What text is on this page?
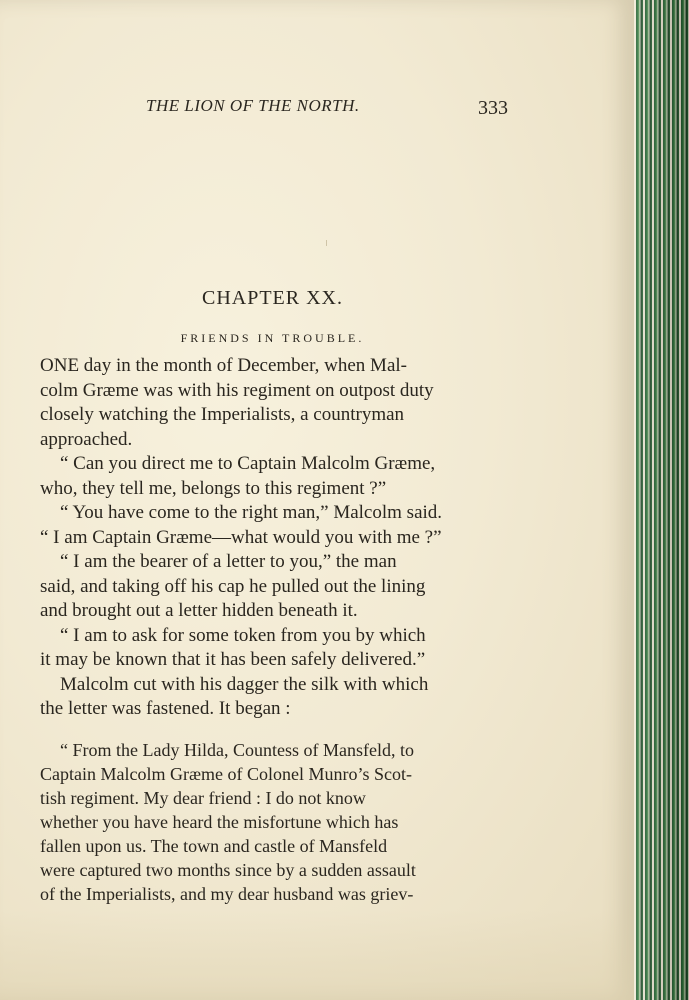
THE LION OF THE NORTH.	333
CHAPTER XX.
FRIENDS IN TROUBLE.
ONE day in the month of December, when Mal-
colm Græme was with his regiment on outpost duty
closely watching the Imperialists, a countryman
approached.
“ Can you direct me to Captain Malcolm Græme,
who, they tell me, belongs to this regiment ?”
“ You have come to the right man,” Malcolm said.
“ I am Captain Græme—what would you with me ?”
“ I am the bearer of a letter to you,” the man
said, and taking off his cap he pulled out the lining
and brought out a letter hidden beneath it.
“ I am to ask for some token from you by which
it may be known that it has been safely delivered.”
Malcolm cut with his dagger the silk with which
the letter was fastened. It began :
“ From the Lady Hilda, Countess of Mansfeld, to
Captain Malcolm Græme of Colonel Munro’s Scot-
tish regiment. My dear friend : I do not know
whether you have heard the misfortune which has
fallen upon us. The town and castle of Mansfeld
were captured two months since by a sudden assault
of the Imperialists, and my dear husband was griev-
